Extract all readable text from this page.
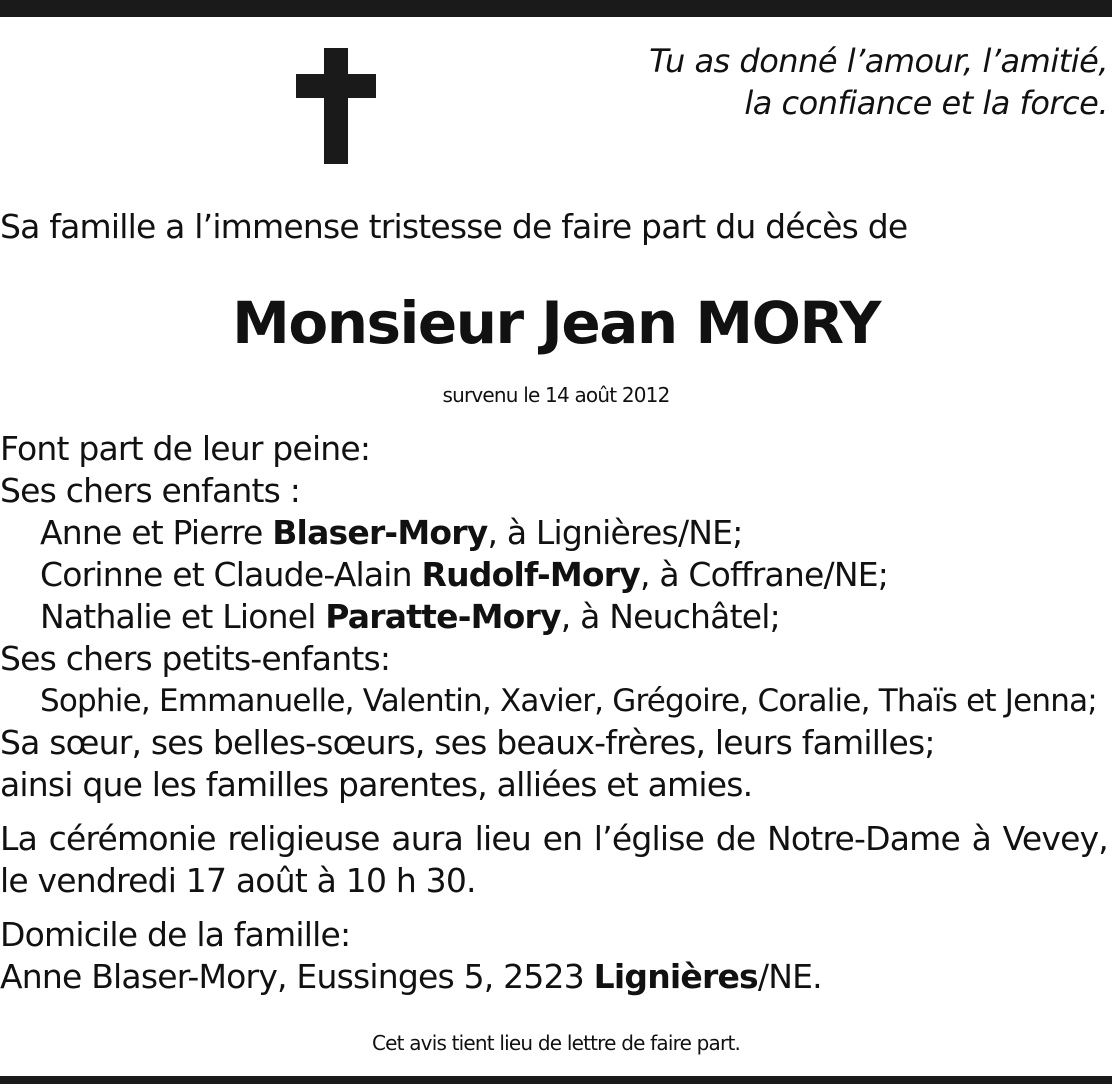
Tu as donné l’amour, l’amitié,
la confiance et la force.
Sa famille a l’immense tristesse de faire part du décès de
Monsieur Jean MORY
survenu le 14 août 2012
Font part de leur peine:
Ses chers enfants :
Anne et Pierre Blaser-Mory, à Lignières/NE;
Corinne et Claude-Alain Rudolf-Mory, à Coffrane/NE;
Nathalie et Lionel Paratte-Mory, à Neuchâtel;
Ses chers petits-enfants:
Sophie, Emmanuelle, Valentin, Xavier, Grégoire, Coralie, Thaïs et Jenna;
Sa sœur, ses belles-sœurs, ses beaux-frères, leurs familles;
ainsi que les familles parentes, alliées et amies.
La cérémonie religieuse aura lieu en l’église de Notre-Dame à Vevey, le vendredi 17 août à 10 h 30.
Domicile de la famille:
Anne Blaser-Mory, Eussinges 5, 2523 Lignières/NE.
Cet avis tient lieu de lettre de faire part.
